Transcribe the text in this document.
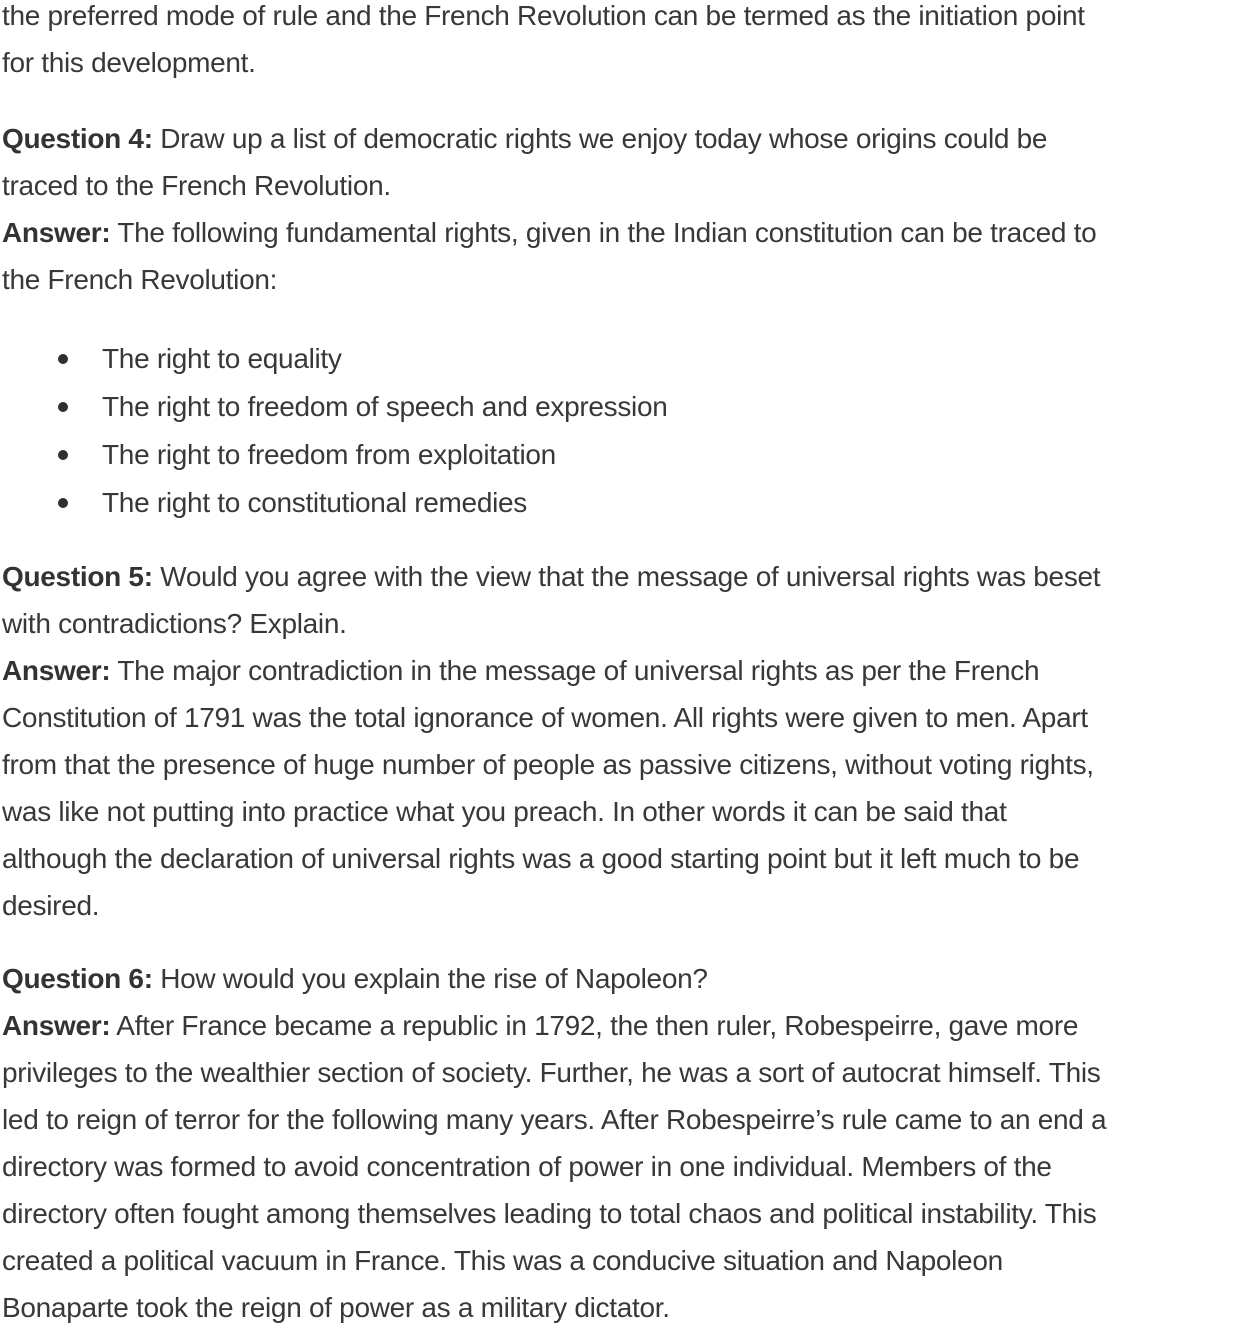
the preferred mode of rule and the French Revolution can be termed as the initiation point
for this development.
Question 4: Draw up a list of democratic rights we enjoy today whose origins could be
traced to the French Revolution.
Answer: The following fundamental rights, given in the Indian constitution can be traced to
the French Revolution:
The right to equality
The right to freedom of speech and expression
The right to freedom from exploitation
The right to constitutional remedies
Question 5: Would you agree with the view that the message of universal rights was beset
with contradictions? Explain.
Answer: The major contradiction in the message of universal rights as per the French
Constitution of 1791 was the total ignorance of women. All rights were given to men. Apart
from that the presence of huge number of people as passive citizens, without voting rights,
was like not putting into practice what you preach. In other words it can be said that
although the declaration of universal rights was a good starting point but it left much to be
desired.
Question 6: How would you explain the rise of Napoleon?
Answer: After France became a republic in 1792, the then ruler, Robespeirre, gave more
privileges to the wealthier section of society. Further, he was a sort of autocrat himself. This
led to reign of terror for the following many years. After Robespeirre’s rule came to an end a
directory was formed to avoid concentration of power in one individual. Members of the
directory often fought among themselves leading to total chaos and political instability. This
created a political vacuum in France. This was a conducive situation and Napoleon
Bonaparte took the reign of power as a military dictator.
